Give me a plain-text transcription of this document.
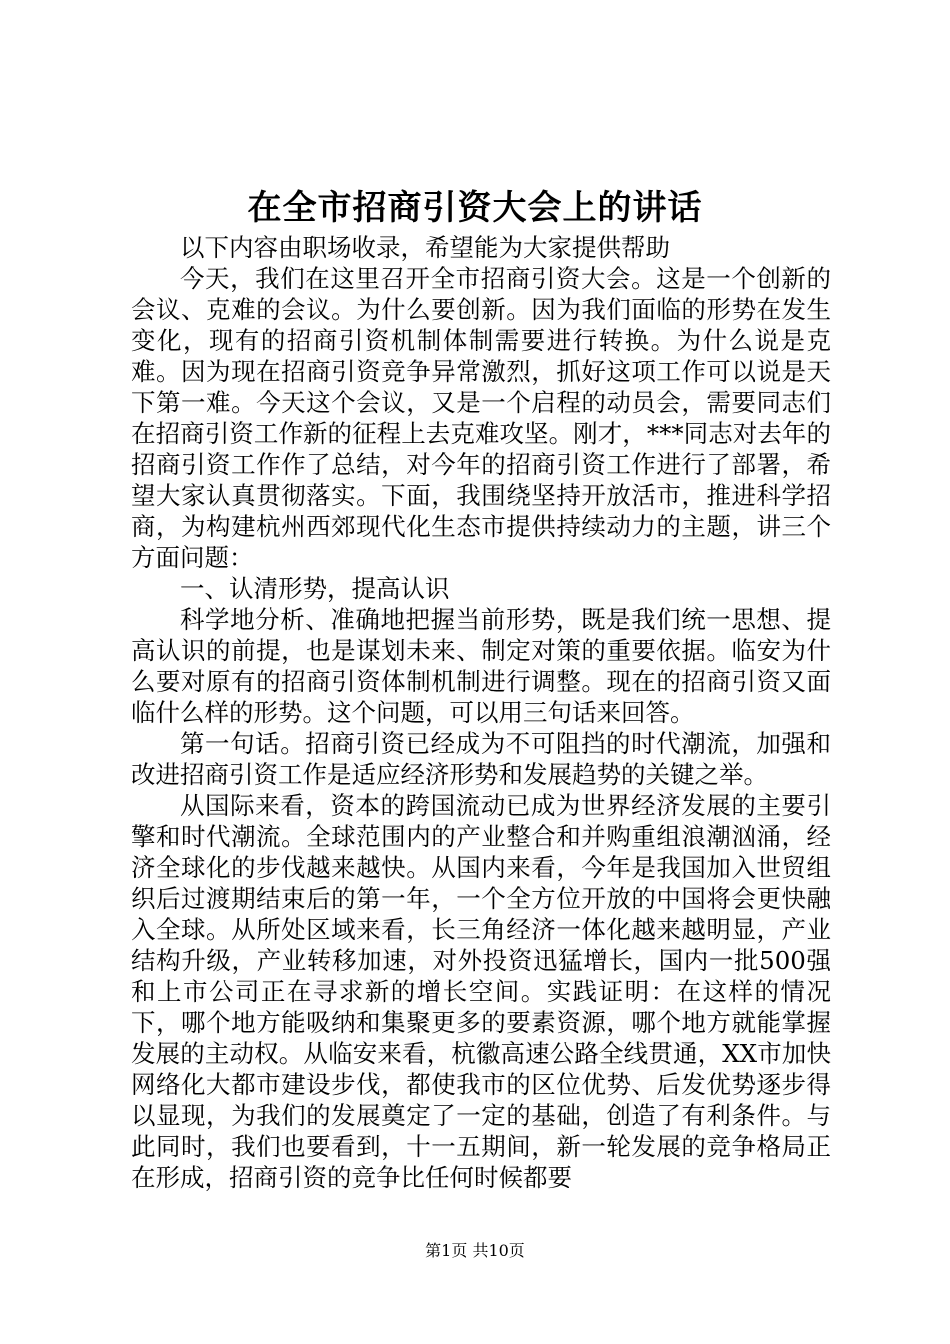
在全市招商引资大会上的讲话

以下内容由职场收录，希望能为大家提供帮助

今天，我们在这里召开全市招商引资大会。这是一个创新的会议、克难的会议。为什么要创新。因为我们面临的形势在发生变化，现有的招商引资机制体制需要进行转换。为什么说是克难。因为现在招商引资竞争异常激烈，抓好这项工作可以说是天下第一难。今天这个会议，又是一个启程的动员会，需要同志们在招商引资工作新的征程上去克难攻坚。刚才，***同志对去年的招商引资工作作了总结，对今年的招商引资工作进行了部署，希望大家认真贯彻落实。下面，我围绕坚持开放活市，推进科学招商，为构建杭州西郊现代化生态市提供持续动力的主题，讲三个方面问题：

一、认清形势，提高认识

科学地分析、准确地把握当前形势，既是我们统一思想、提高认识的前提，也是谋划未来、制定对策的重要依据。临安为什么要对原有的招商引资体制机制进行调整。现在的招商引资又面临什么样的形势。这个问题，可以用三句话来回答。

第一句话。招商引资已经成为不可阻挡的时代潮流，加强和改进招商引资工作是适应经济形势和发展趋势的关键之举。

从国际来看，资本的跨国流动已成为世界经济发展的主要引擎和时代潮流。全球范围内的产业整合和并购重组浪潮汹涌，经济全球化的步伐越来越快。从国内来看，今年是我国加入世贸组织后过渡期结束后的第一年，一个全方位开放的中国将会更快融入全球。从所处区域来看，长三角经济一体化越来越明显，产业结构升级，产业转移加速，对外投资迅猛增长，国内一批500强和上市公司正在寻求新的增长空间。实践证明：在这样的情况下，哪个地方能吸纳和集聚更多的要素资源，哪个地方就能掌握发展的主动权。从临安来看，杭徽高速公路全线贯通，XX市加快网络化大都市建设步伐，都使我市的区位优势、后发优势逐步得以显现，为我们的发展奠定了一定的基础，创造了有利条件。与此同时，我们也要看到，十一五期间，新一轮发展的竞争格局正在形成，招商引资的竞争比任何时候都要

第1页 共10页
